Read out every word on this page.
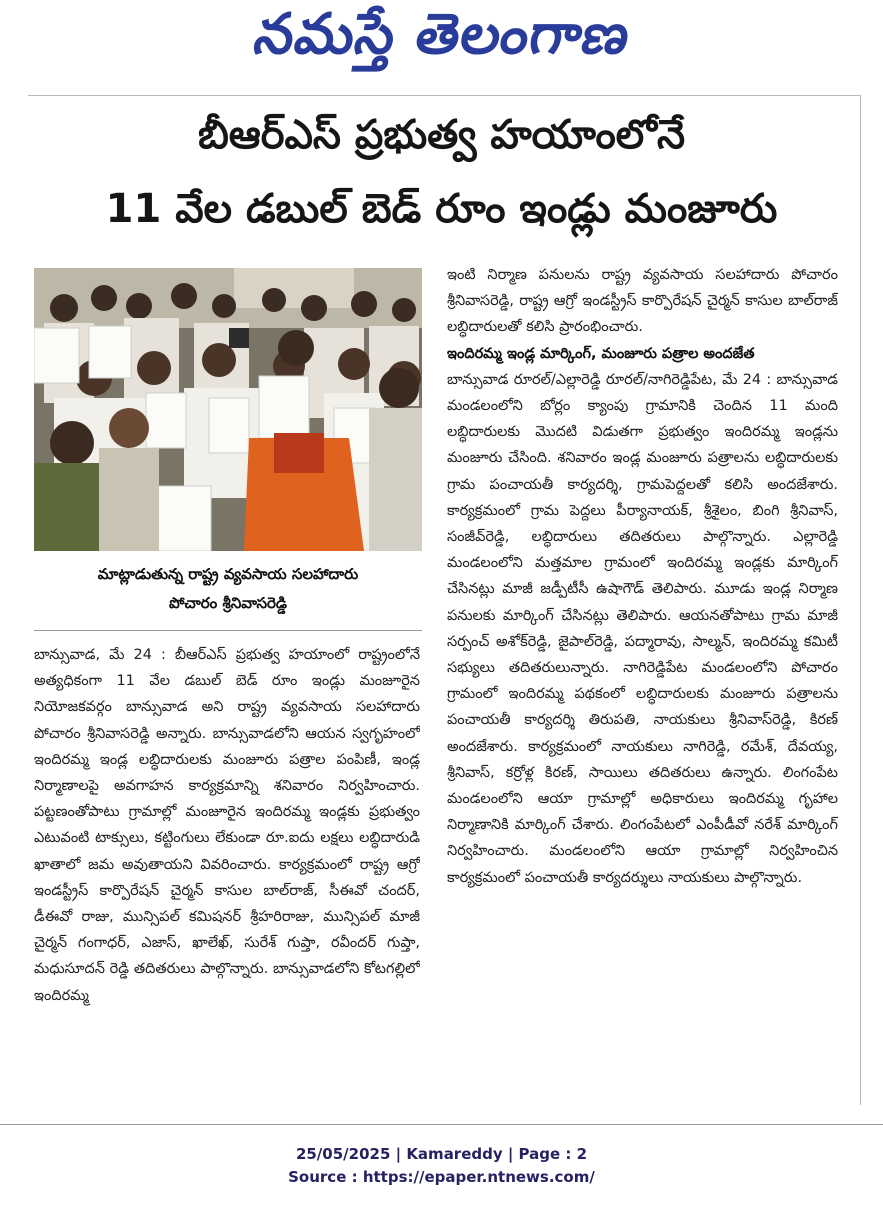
నమస్తే తెలంగాణ
బీఆర్ఎస్ ప్రభుత్వ హయాంలోనే
11 వేల డబుల్ బెడ్ రూం ఇండ్లు మంజూరు
మాట్లాడుతున్న రాష్ట్ర వ్యవసాయ సలహాదారు
పోచారం శ్రీనివాసరెడ్డి

బాన్సువాడ, మే 24 : బీఆర్ఎస్ ప్రభుత్వ హయాంలో రాష్ట్రంలోనే అత్యధికంగా 11 వేల డబుల్ బెడ్ రూం ఇండ్లు మంజూరైన నియోజకవర్గం బాన్సువాడ అని రాష్ట్ర వ్యవసాయ సలహాదారు పోచారం శ్రీనివాసరెడ్డి అన్నారు. బాన్సువాడలోని ఆయన స్వగృహంలో ఇందిరమ్మ ఇండ్ల లబ్ధిదారులకు మంజూరు పత్రాల పంపిణీ, ఇండ్ల నిర్మాణాలపై అవగాహన కార్యక్రమాన్ని శనివారం నిర్వహించారు. పట్టణంతోపాటు గ్రామాల్లో మంజూరైన ఇందిరమ్మ ఇండ్లకు ప్రభుత్వం ఎటువంటి టాక్సులు, కట్టింగులు లేకుండా రూ.ఐదు లక్షలు లబ్ధిదారుడి ఖాతాలో జమ అవుతాయని వివరించారు. కార్యక్రమంలో రాష్ట్ర ఆగ్రో ఇండస్ట్రీస్ కార్పొరేషన్ చైర్మన్ కాసుల బాల్‌రాజ్, సీఈవో చందర్, డీఈవో రాజు, మున్సిపల్ కమిషనర్ శ్రీహరిరాజు, మున్సిపల్ మాజీ చైర్మన్ గంగాధర్, ఎజాస్, ఖాలేఖ్, సురేశ్ గుప్తా, రవీందర్ గుప్తా, మధుసూదన్ రెడ్డి తదితరులు పాల్గొన్నారు. బాన్సువాడలోని కోటగల్లిలో ఇందిరమ్మ

ఇంటి నిర్మాణ పనులను రాష్ట్ర వ్యవసాయ సలహాదారు పోచారం శ్రీనివాసరెడ్డి, రాష్ట్ర ఆగ్రో ఇండస్ట్రీస్ కార్పొరేషన్ చైర్మన్ కాసుల బాల్‌రాజ్ లబ్ధిదారులతో కలిసి ప్రారంభించారు.

ఇందిరమ్మ ఇండ్ల మార్కింగ్, మంజూరు పత్రాల అందజేత

బాన్సువాడ రూరల్/ఎల్లారెడ్డి రూరల్/నాగిరెడ్డిపేట, మే 24 : బాన్సువాడ మండలంలోని బోర్లం క్యాంపు గ్రామానికి చెందిన 11 మంది లబ్ధిదారులకు మొదటి విడుతగా ప్రభుత్వం ఇందిరమ్మ ఇండ్లను మంజూరు చేసింది. శనివారం ఇండ్ల మంజూరు పత్రాలను లబ్ధిదారులకు గ్రామ పంచాయతీ కార్యదర్శి, గ్రామపెద్దలతో కలిసి అందజేశారు. కార్యక్రమంలో గ్రామ పెద్దలు పీర్యానాయక్, శ్రీశైలం, బింగి శ్రీనివాస్, సంజీవ్‌రెడ్డి, లబ్ధిదారులు తదితరులు పాల్గొన్నారు. ఎల్లారెడ్డి మండలంలోని మత్తమాల గ్రామంలో ఇందిరమ్మ ఇండ్లకు మార్కింగ్ చేసినట్లు మాజీ జడ్పీటీసీ ఉషాగౌడ్ తెలిపారు. మూడు ఇండ్ల నిర్మాణ పనులకు మార్కింగ్ చేసినట్లు తెలిపారు. ఆయనతోపాటు గ్రామ మాజీ సర్పంచ్ అశోక్‌రెడ్డి, జైపాల్‌రెడ్డి, పద్మారావు, సాల్మన్, ఇందిరమ్మ కమిటీ సభ్యులు తదితరులున్నారు. నాగిరెడ్డిపేట మండలంలోని పోచారం గ్రామంలో ఇందిరమ్మ పథకంలో లబ్ధిదారులకు మంజూరు పత్రాలను పంచాయతీ కార్యదర్శి తిరుపతి, నాయకులు శ్రీనివాస్‌రెడ్డి, కిరణ్ అందజేశారు. కార్యక్రమంలో నాయకులు నాగిరెడ్డి, రమేశ్, దేవయ్య, శ్రీనివాస్, కర్రోళ్ల కిరణ్, సాయిలు తదితరులు ఉన్నారు. లింగంపేట మండలంలోని ఆయా గ్రామాల్లో అధికారులు ఇందిరమ్మ గృహాల నిర్మాణానికి మార్కింగ్ చేశారు. లింగంపేటలో ఎంపీడీవో నరేశ్ మార్కింగ్ నిర్వహించారు. మండలంలోని ఆయా గ్రామాల్లో నిర్వహించిన కార్యక్రమంలో పంచాయతీ కార్యదర్శులు నాయకులు పాల్గొన్నారు.

25/05/2025 | Kamareddy | Page : 2
Source : https://epaper.ntnews.com/
